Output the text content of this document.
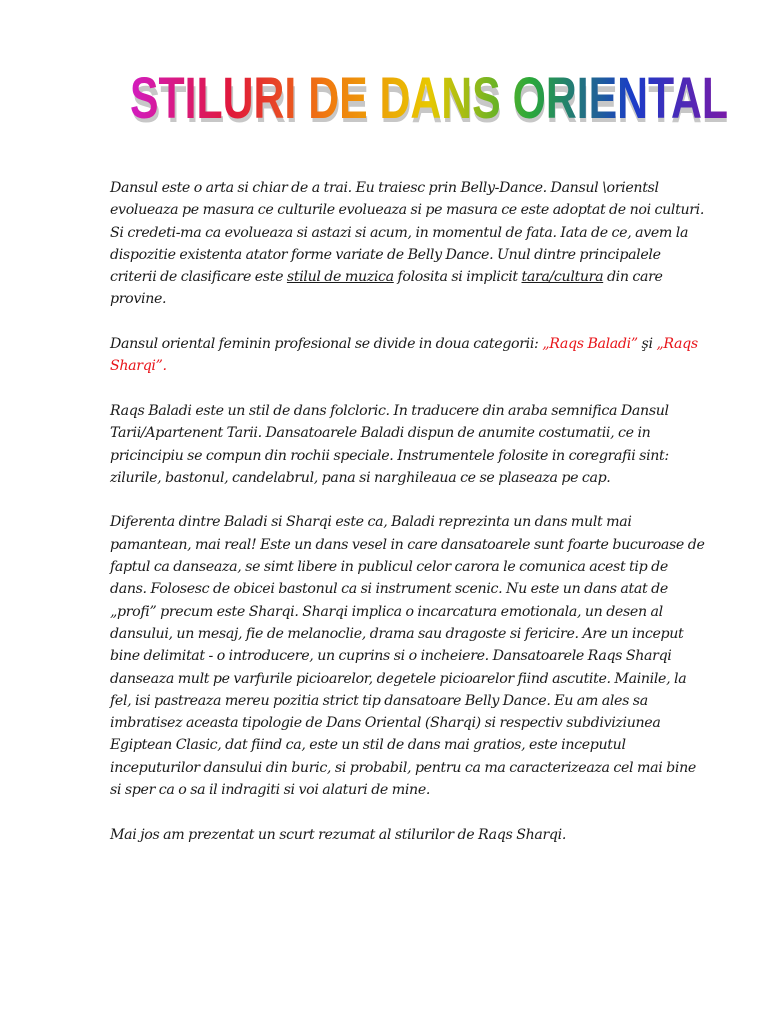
STILURI DE DANS ORIENTAL
STILURI DE DANS ORIENTAL

Dansul este o arta si chiar de a trai. Eu traiesc prin Belly-Dance. Dansul \orientsl evolueaza pe masura ce culturile evolueaza si pe masura ce este adoptat de noi culturi. Si credeti-ma ca evolueaza si astazi si acum, in momentul de fata. Iata de ce, avem la dispozitie existenta atator forme variate de Belly Dance. Unul dintre principalele criterii de clasificare este stilul de muzica folosita si implicit tara/cultura din care provine.

Dansul oriental feminin profesional se divide in doua categorii: „Raqs Baladi” şi „Raqs Sharqi”.

Raqs Baladi este un stil de dans folcloric. In traducere din araba semnifica Dansul Tarii/Apartenent Tarii. Dansatoarele Baladi dispun de anumite costumatii, ce in pricincipiu se compun din rochii speciale. Instrumentele folosite in coregrafii sint: zilurile, bastonul, candelabrul, pana si narghileaua ce se plaseaza pe cap.

Diferenta dintre Baladi si Sharqi este ca, Baladi reprezinta un dans mult mai pamantean, mai real! Este un dans vesel in care dansatoarele sunt foarte bucuroase de faptul ca danseaza, se simt libere in publicul celor carora le comunica acest tip de dans. Folosesc de obicei bastonul ca si instrument scenic. Nu este un dans atat de „profi” precum este Sharqi. Sharqi implica o incarcatura emotionala, un desen al dansului, un mesaj, fie de melanoclie, drama sau dragoste si fericire. Are un inceput bine delimitat - o introducere, un cuprins si o incheiere. Dansatoarele Raqs Sharqi danseaza mult pe varfurile picioarelor, degetele picioarelor fiind ascutite. Mainile, la fel, isi pastreaza mereu pozitia strict tip dansatoare Belly Dance. Eu am ales sa imbratisez aceasta tipologie de Dans Oriental (Sharqi) si respectiv subdiviziunea Egiptean Clasic, dat fiind ca, este un stil de dans mai gratios, este inceputul inceputurilor dansului din buric, si probabil, pentru ca ma caracterizeaza cel mai bine si sper ca o sa il indragiti si voi alaturi de mine.

Mai jos am prezentat un scurt rezumat al stilurilor de Raqs Sharqi.
